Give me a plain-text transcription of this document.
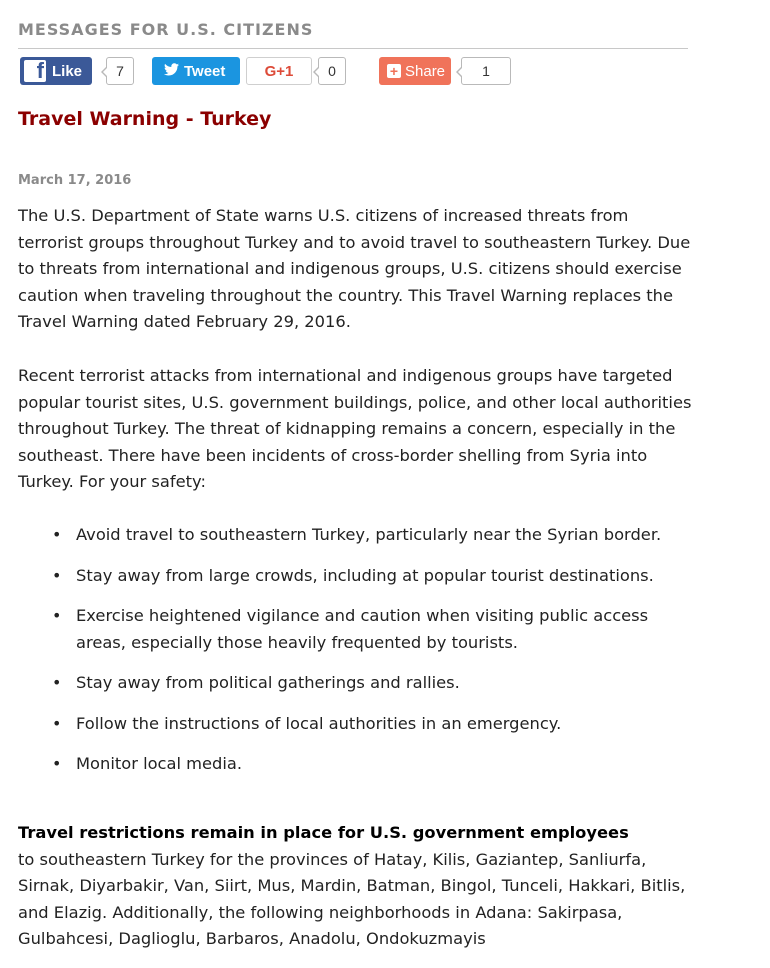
MESSAGES FOR U.S. CITIZENS
f Like	7	Tweet	G+1	0	+ Share	1
Travel Warning - Turkey
March 17, 2016

The U.S. Department of State warns U.S. citizens of increased threats from terrorist groups throughout Turkey and to avoid travel to southeastern Turkey. Due to threats from international and indigenous groups, U.S. citizens should exercise caution when traveling throughout the country. This Travel Warning replaces the Travel Warning dated February 29, 2016.

Recent terrorist attacks from international and indigenous groups have targeted popular tourist sites, U.S. government buildings, police, and other local authorities throughout Turkey. The threat of kidnapping remains a concern, especially in the southeast. There have been incidents of cross-border shelling from Syria into Turkey. For your safety:

• Avoid travel to southeastern Turkey, particularly near the Syrian border.
• Stay away from large crowds, including at popular tourist destinations.
• Exercise heightened vigilance and caution when visiting public access areas, especially those heavily frequented by tourists.
• Stay away from political gatherings and rallies.
• Follow the instructions of local authorities in an emergency.
• Monitor local media.

Travel restrictions remain in place for U.S. government employees
to southeastern Turkey for the provinces of Hatay, Kilis, Gaziantep, Sanliurfa, Sirnak, Diyarbakir, Van, Siirt, Mus, Mardin, Batman, Bingol, Tunceli, Hakkari, Bitlis, and Elazig. Additionally, the following neighborhoods in Adana: Sakirpasa, Gulbahcesi, Daglioglu, Barbaros, Anadolu, Ondokuzmayis
